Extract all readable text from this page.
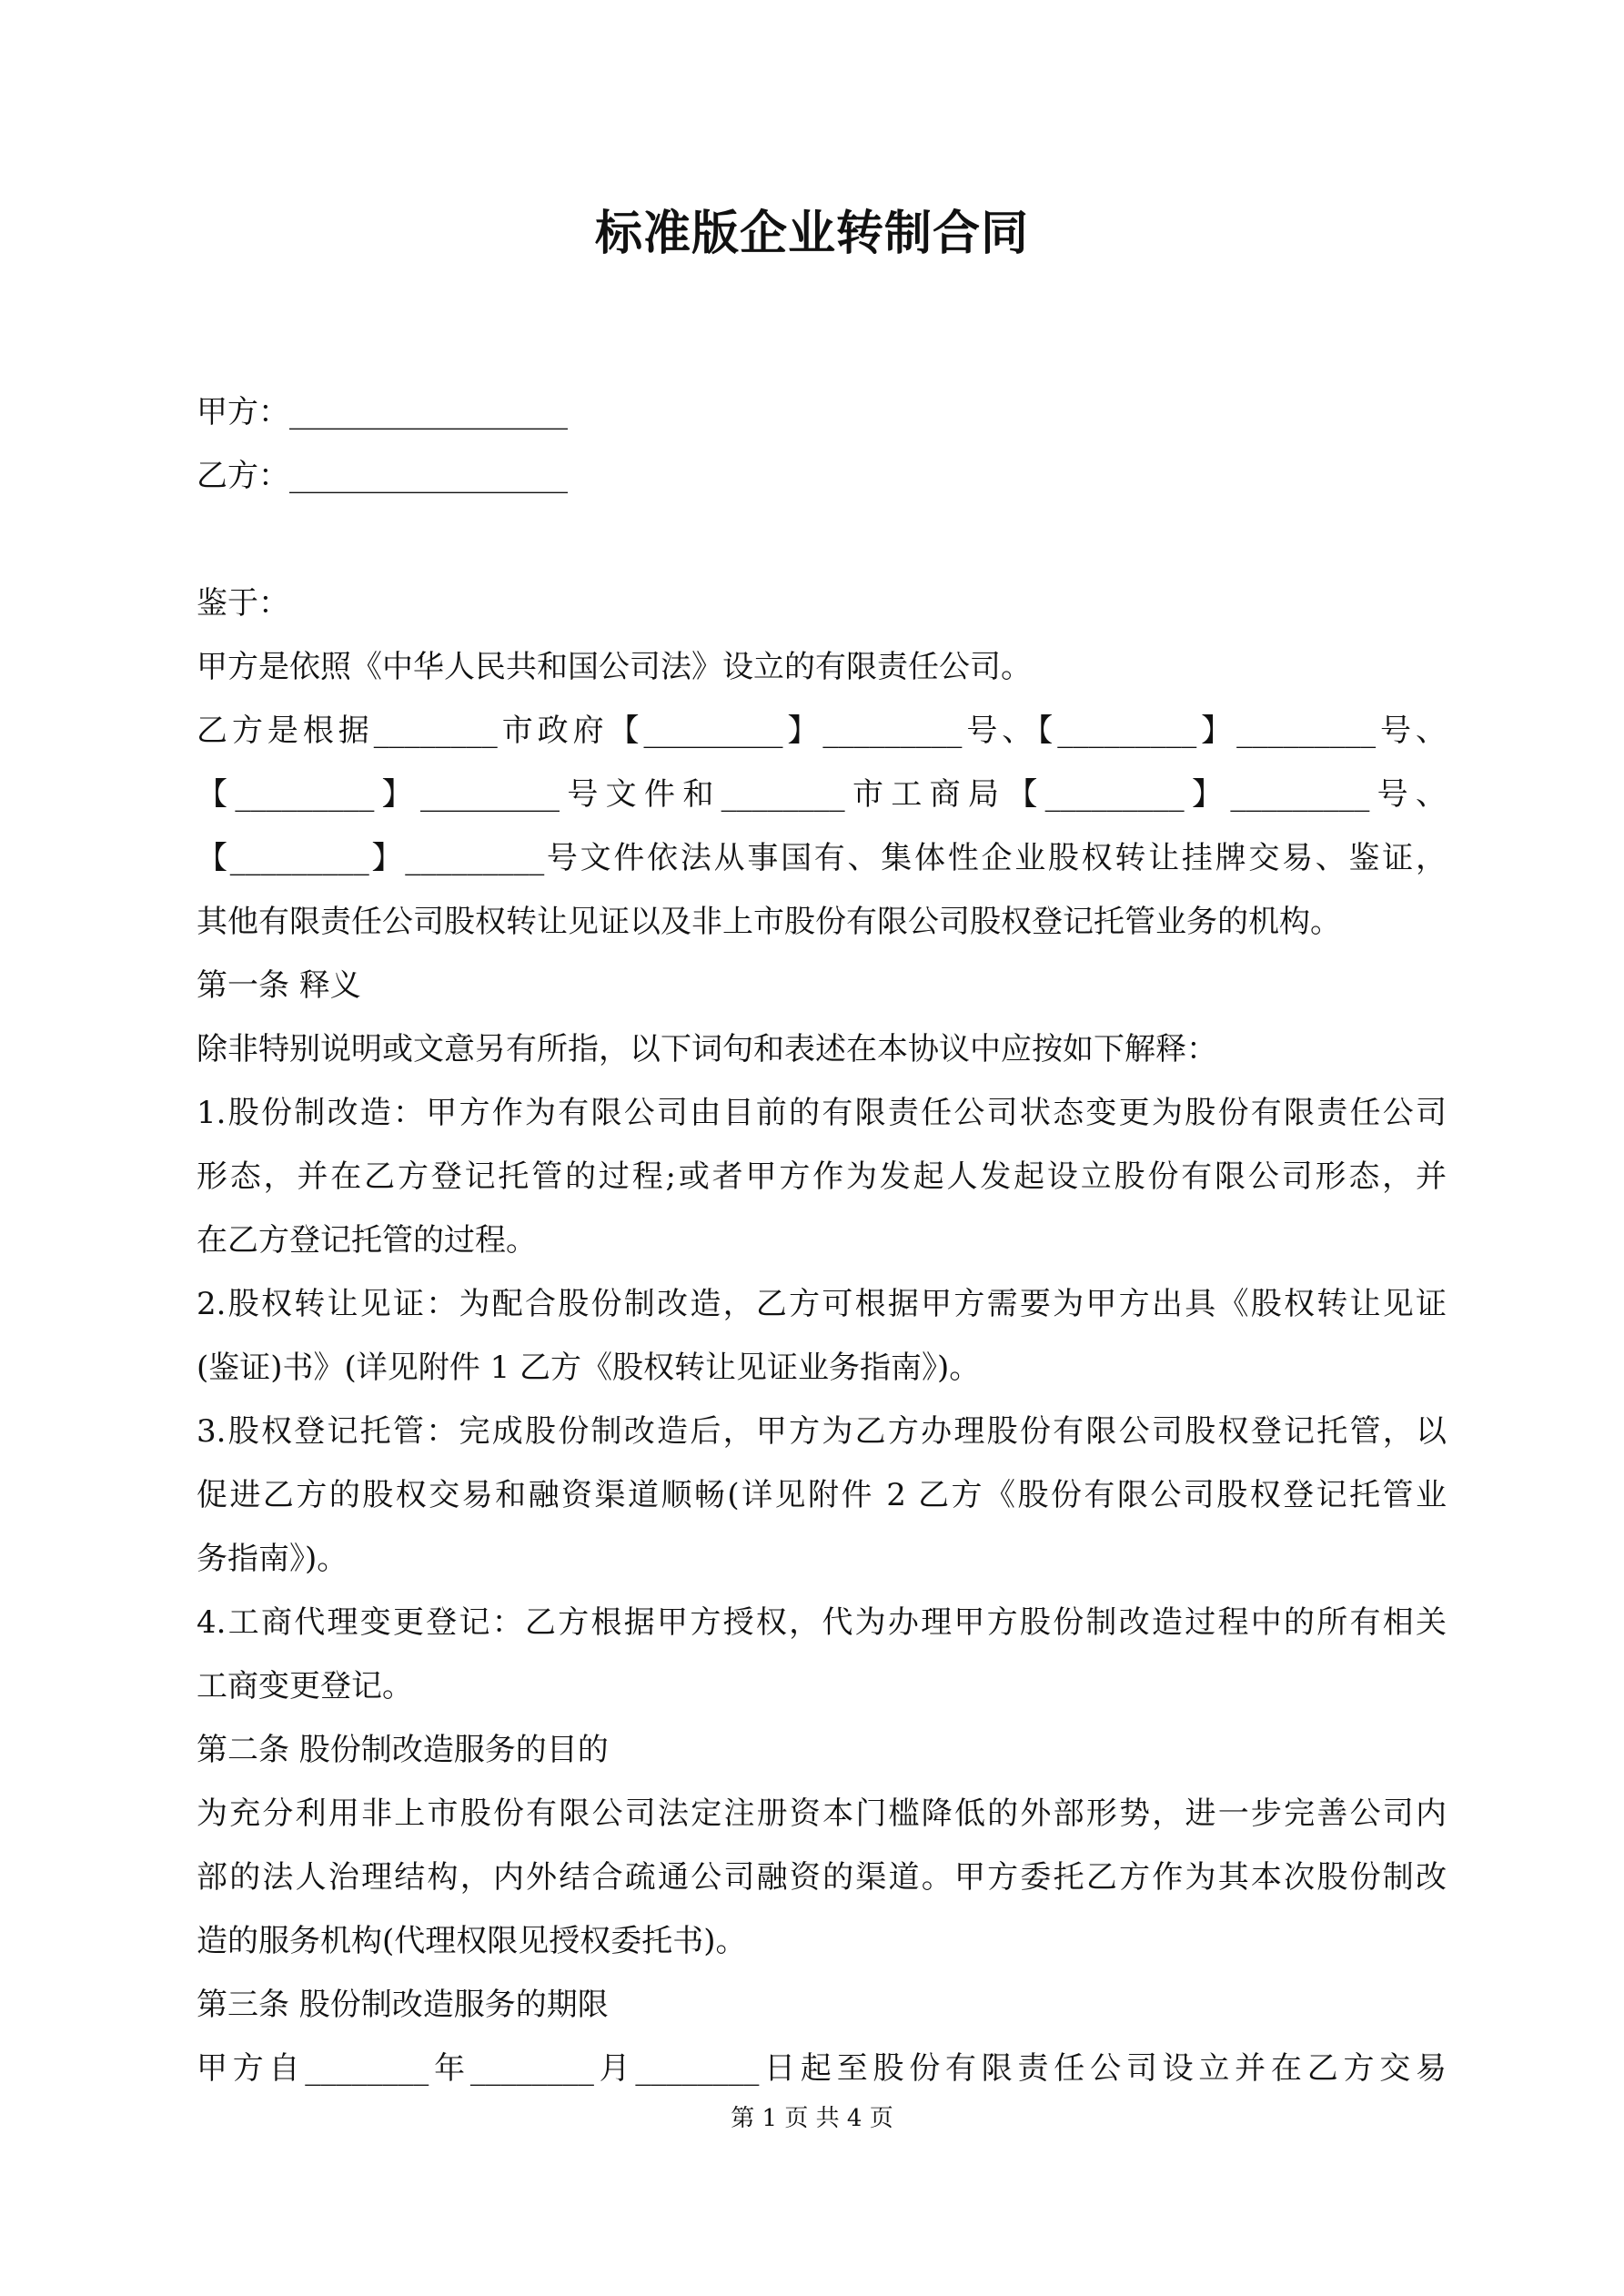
标准版企业转制合同
甲方：__________________
乙方：__________________
鉴于：
甲方是依照《中华人民共和国公司法》设立的有限责任公司。
乙方是根据________市政府【_________】_________号、【_________】_________号、
【_________】_________号文件和________市工商局【_________】_________号、
【_________】_________号文件依法从事国有、集体性企业股权转让挂牌交易、鉴证，
其他有限责任公司股权转让见证以及非上市股份有限公司股权登记托管业务的机构。
第一条 释义
除非特别说明或文意另有所指，以下词句和表述在本协议中应按如下解释：
1.股份制改造：甲方作为有限公司由目前的有限责任公司状态变更为股份有限责任公司
形态，并在乙方登记托管的过程;或者甲方作为发起人发起设立股份有限公司形态，并
在乙方登记托管的过程。
2.股权转让见证：为配合股份制改造，乙方可根据甲方需要为甲方出具《股权转让见证
(鉴证)书》(详见附件 1 乙方《股权转让见证业务指南》)。
3.股权登记托管：完成股份制改造后，甲方为乙方办理股份有限公司股权登记托管，以
促进乙方的股权交易和融资渠道顺畅(详见附件 2 乙方《股份有限公司股权登记托管业
务指南》)。
4.工商代理变更登记：乙方根据甲方授权，代为办理甲方股份制改造过程中的所有相关
工商变更登记。
第二条 股份制改造服务的目的
为充分利用非上市股份有限公司法定注册资本门槛降低的外部形势，进一步完善公司内
部的法人治理结构，内外结合疏通公司融资的渠道。甲方委托乙方作为其本次股份制改
造的服务机构(代理权限见授权委托书)。
第三条 股份制改造服务的期限
甲方自________年________月________日起至股份有限责任公司设立并在乙方交易
第 1 页 共 4 页
